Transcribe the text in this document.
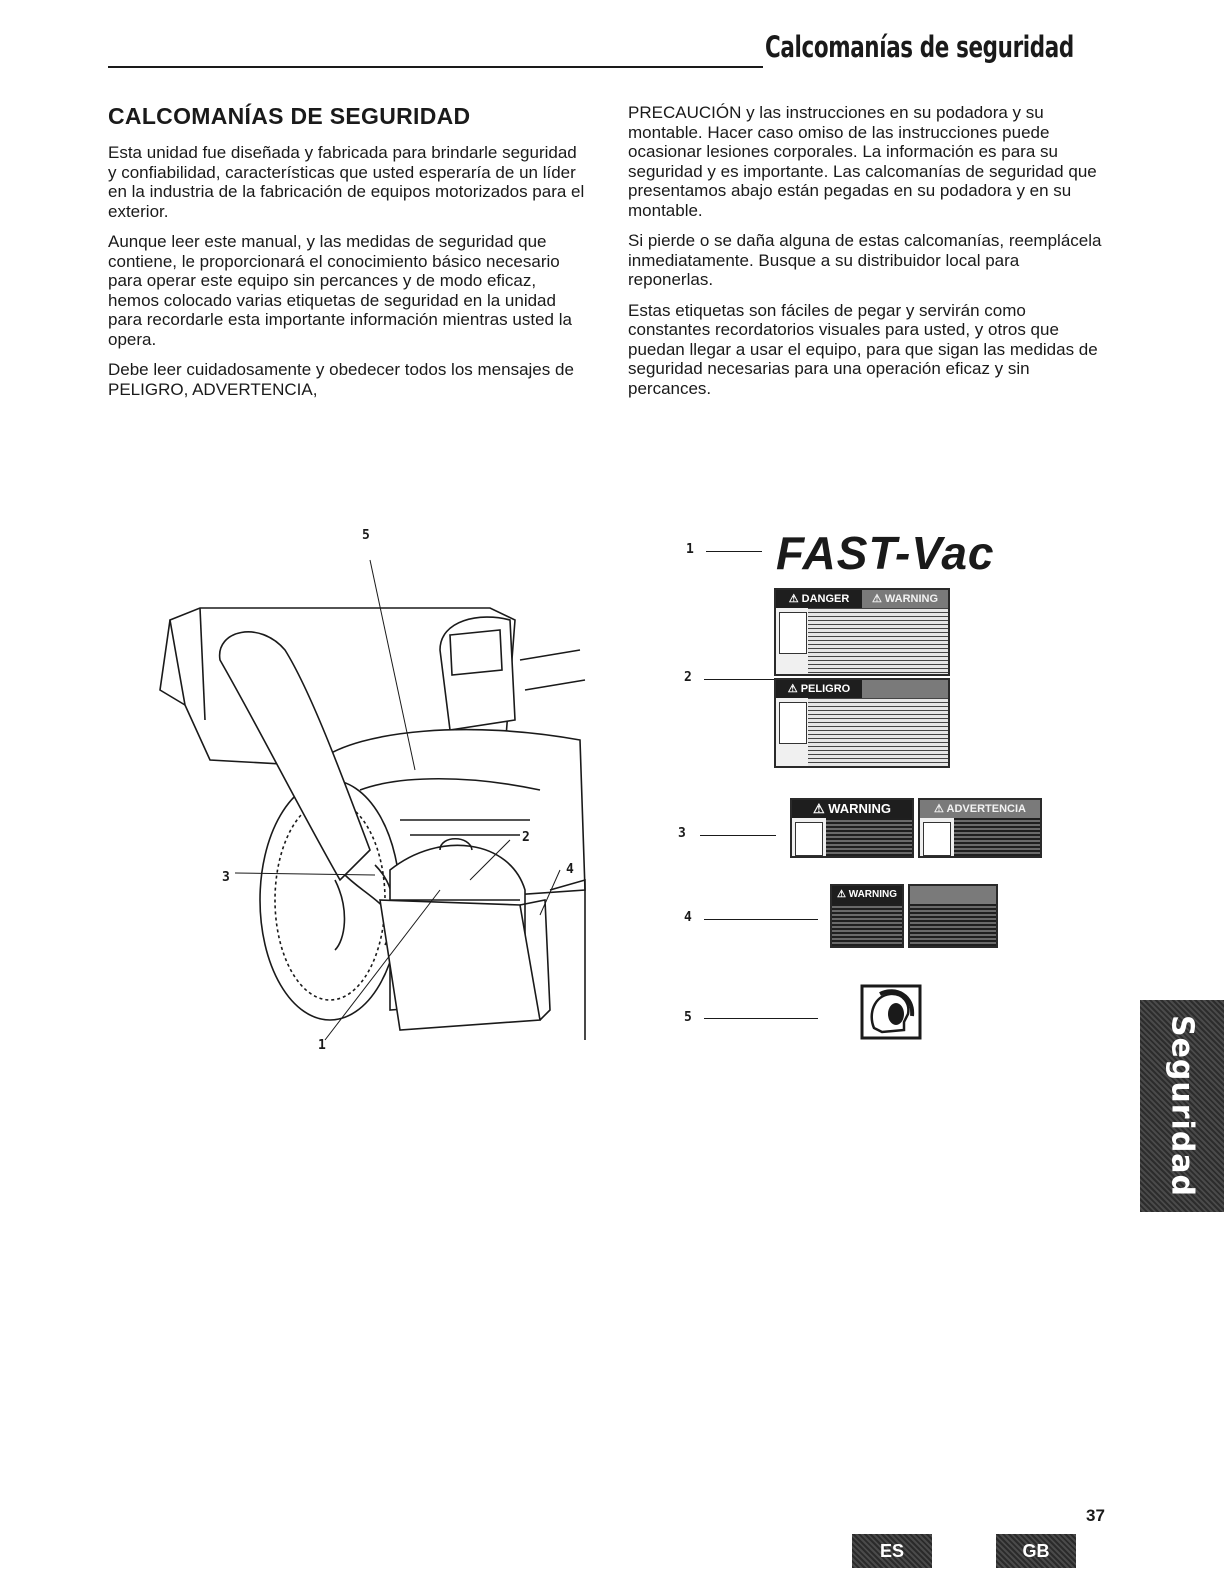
Calcomanías de seguridad
CALCOMANÍAS DE SEGURIDAD

Esta unidad fue diseñada y fabricada para brindarle seguridad y confiabilidad, características que usted esperaría de un líder en la industria de la fabricación de equipos motorizados para el exterior.

Aunque leer este manual, y las medidas de seguridad que contiene, le proporcionará el conocimiento básico necesario para operar este equipo sin percances y de modo eficaz, hemos colocado varias etiquetas de seguridad en la unidad para recordarle esta importante información mientras usted la opera.

Debe leer cuidadosamente y obedecer todos los mensajes de PELIGRO, ADVERTENCIA,

PRECAUCIÓN y las instrucciones en su podadora y su montable. Hacer caso omiso de las instrucciones puede ocasionar lesiones corporales. La información es para su seguridad y es importante. Las calcomanías de seguridad que presentamos abajo están pegadas en su podadora y en su montable.

Si pierde o se daña alguna de estas calcomanías, reemplácela inmediatamente. Busque a su distribuidor local para reponerlas.

Estas etiquetas son fáciles de pegar y servirán como constantes recordatorios visuales para usted, y otros que puedan llegar a usar el equipo, para que sigan las medidas de seguridad necesarias para una operación eficaz y sin percances.

5
2
4
3
1
1 FAST-Vac
⚠ DANGER	⚠ WARNING
2
⚠ PELIGRO
3
⚠ WARNING	⚠ ADVERTENCIA
4
⚠ WARNING
5	Seguridad
ES	GB
37
